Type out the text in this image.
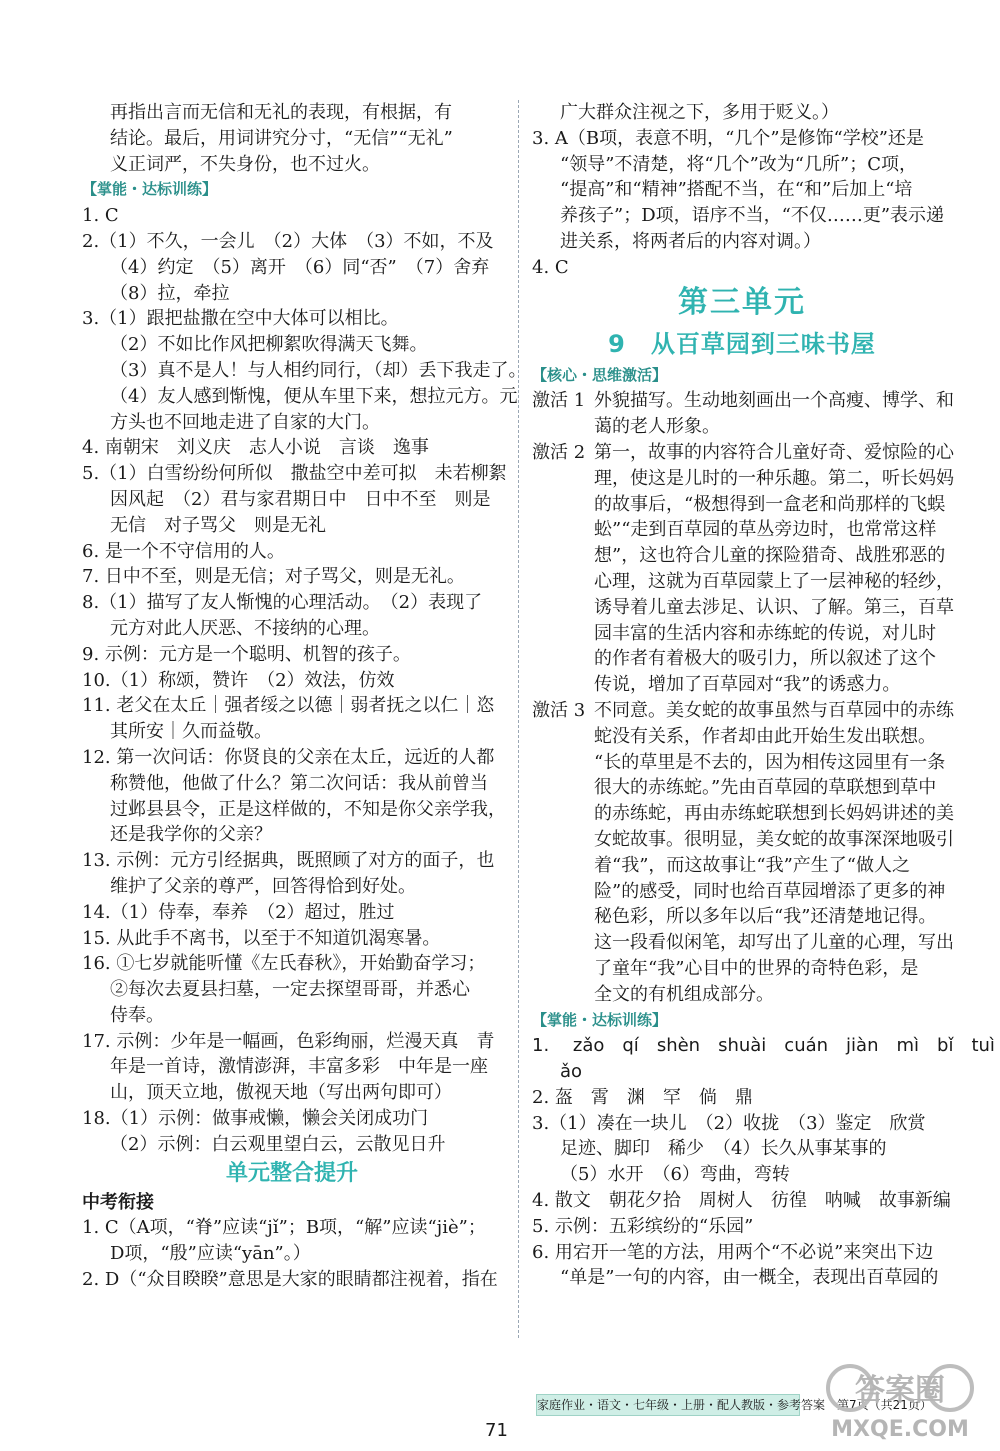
再指出言而无信和无礼的表现，有根据，有
结论。最后，用词讲究分寸，“无信”“无礼”
义正词严，不失身份，也不过火。
【掌能・达标训练】
1. C
2.（1）不久，一会儿　（2）大体　（3）不如，不及
（4）约定　（5）离开　（6）同“否”　（7）舍弃
（8）拉，牵拉
3.（1）跟把盐撒在空中大体可以相比。
（2）不如比作风把柳絮吹得满天飞舞。
（3）真不是人！与人相约同行，（却）丢下我走了。
（4）友人感到惭愧，便从车里下来，想拉元方。元
方头也不回地走进了自家的大门。
4. 南朝宋　刘义庆　志人小说　言谈　逸事
5.（1）白雪纷纷何所似　撒盐空中差可拟　未若柳絮
因风起　（2）君与家君期日中　日中不至　则是
无信　对子骂父　则是无礼
6. 是一个不守信用的人。
7. 日中不至，则是无信；对子骂父，则是无礼。
8.（1）描写了友人惭愧的心理活动。　（2）表现了
元方对此人厌恶、不接纳的心理。
9. 示例：元方是一个聪明、机智的孩子。
10.（1）称颂，赞许　（2）效法，仿效
11. 老父在太丘｜强者绥之以德｜弱者抚之以仁｜恣
其所安｜久而益敬。
12. 第一次问话：你贤良的父亲在太丘，远近的人都
称赞他，他做了什么？第二次问话：我从前曾当
过邺县县令，正是这样做的，不知是你父亲学我，
还是我学你的父亲？
13. 示例：元方引经据典，既照顾了对方的面子，也
维护了父亲的尊严，回答得恰到好处。
14.（1）侍奉，奉养　（2）超过，胜过
15. 从此手不离书，以至于不知道饥渴寒暑。
16. ①七岁就能听懂《左氏春秋》，开始勤奋学习；
②每次去夏县扫墓，一定去探望哥哥，并悉心
侍奉。
17. 示例：少年是一幅画，色彩绚丽，烂漫天真　青
年是一首诗，激情澎湃，丰富多彩　中年是一座
山，顶天立地，傲视天地（写出两句即可）
18.（1）示例：做事戒懒，懒会关闭成功门
（2）示例：白云观里望白云，云散见日升
单元整合提升
中考衔接
1. C（A项，“脊”应读“jǐ”；B项，“解”应读“jiè”；
D项，“殷”应读“yān”。）
2. D（“众目睽睽”意思是大家的眼睛都注视着，指在
广大群众注视之下，多用于贬义。）
3. A（B项，表意不明，“几个”是修饰“学校”还是
“领导”不清楚，将“几个”改为“几所”；C项，
“提高”和“精神”搭配不当，在“和”后加上“培
养孩子”；D项，语序不当，“不仅……更”表示递
进关系，将两者后的内容对调。）
4. C
第三单元
9　从百草园到三味书屋
【核心・思维激活】
激活 1 外貌描写。生动地刻画出一个高瘦、博学、和
蔼的老人形象。
激活 2 第一，故事的内容符合儿童好奇、爱惊险的心
理，使这是儿时的一种乐趣。第二，听长妈妈
的故事后，“极想得到一盒老和尚那样的飞蜈
蚣”“走到百草园的草丛旁边时，也常常这样
想”，这也符合儿童的探险猎奇、战胜邪恶的
心理，这就为百草园蒙上了一层神秘的轻纱，
诱导着儿童去涉足、认识、了解。第三，百草
园丰富的生活内容和赤练蛇的传说，对儿时
的作者有着极大的吸引力，所以叙述了这个
传说，增加了百草园对“我”的诱惑力。
激活 3 不同意。美女蛇的故事虽然与百草园中的赤练
蛇没有关系，作者却由此开始生发出联想。
“长的草里是不去的，因为相传这园里有一条
很大的赤练蛇。”先由百草园的草联想到草中
的赤练蛇，再由赤练蛇联想到长妈妈讲述的美
女蛇故事。很明显，美女蛇的故事深深地吸引
着“我”，而这故事让“我”产生了“做人之
险”的感受，同时也给百草园增添了更多的神
秘色彩，所以多年以后“我”还清楚地记得。
这一段看似闲笔，却写出了儿童的心理，写出
了童年“我”心目中的世界的奇特色彩，是
全文的有机组成部分。
【掌能・达标训练】
1. zǎo　qí　shèn　shuài　cuán　jiàn　mì　bǐ　tuì
ǎo
2. 盔　霄　渊　罕　倘　鼎
3.（1）凑在一块儿　（2）收拢　（3）鉴定　欣赏
足迹、脚印　稀少　（4）长久从事某事的
（5）水开　（6）弯曲，弯转
4. 散文　朝花夕拾　周树人　彷徨　呐喊　故事新编
5. 示例：五彩缤纷的“乐园”
6. 用宕开一笔的方法，用两个“不必说”来突出下边
“单是”一句的内容，由一概全，表现出百草园的
家庭作业・语文・七年级・上册・配人教版・参考答案　第7页（共21页）
71
答案圈
MXQE.COM
